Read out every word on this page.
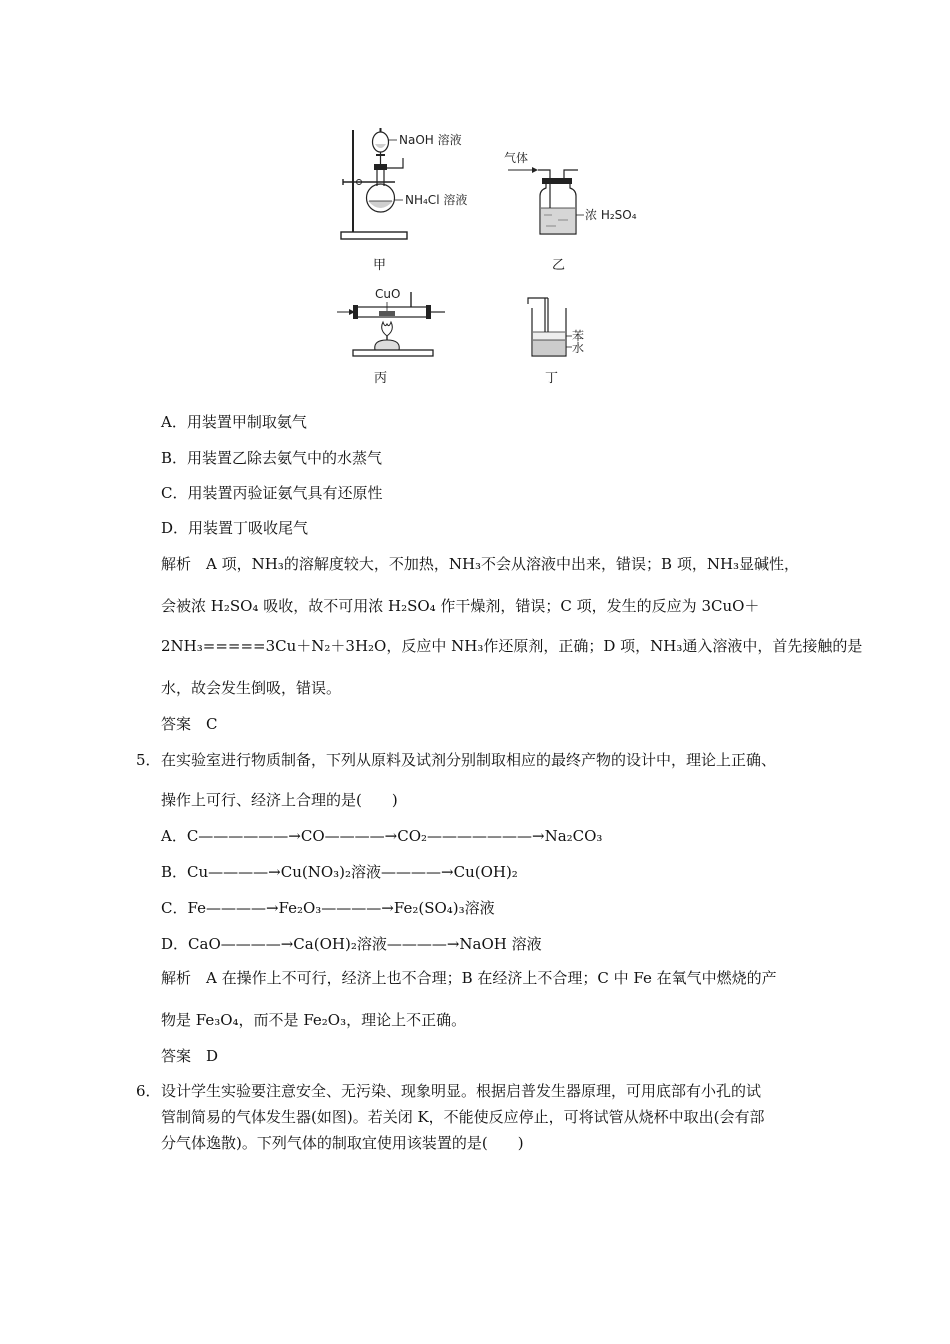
NaOH 溶液
NH₄Cl 溶液
甲
气体
浓 H₂SO₄
乙
CuO
丙
苯
水
丁
A．用装置甲制取氨气
B．用装置乙除去氨气中的水蒸气
C．用装置丙验证氨气具有还原性
D．用装置丁吸收尾气
解析　A 项，NH₃的溶解度较大，不加热，NH₃不会从溶液中出来，错误；B 项，NH₃显碱性，
会被浓 H₂SO₄ 吸收，故不可用浓 H₂SO₄ 作干燥剂，错误；C 项，发生的反应为 3CuO＋
2NH₃=====3Cu＋N₂＋3H₂O，反应中 NH₃作还原剂，正确；D 项，NH₃通入溶液中，首先接触的是
水，故会发生倒吸，错误。
答案　C
5． 在实验室进行物质制备，下列从原料及试剂分别制取相应的最终产物的设计中，理论上正确、
操作上可行、经济上合理的是(　　)
A．C——————→CO————→CO₂———————→Na₂CO₃
B．Cu————→Cu(NO₃)₂溶液————→Cu(OH)₂
C．Fe————→Fe₂O₃————→Fe₂(SO₄)₃溶液
D．CaO————→Ca(OH)₂溶液————→NaOH 溶液
解析　A 在操作上不可行，经济上也不合理；B 在经济上不合理；C 中 Fe 在氧气中燃烧的产
物是 Fe₃O₄，而不是 Fe₂O₃，理论上不正确。
答案　D
6． 设计学生实验要注意安全、无污染、现象明显。根据启普发生器原理，可用底部有小孔的试
管制简易的气体发生器(如图)。若关闭 K，不能使反应停止，可将试管从烧杯中取出(会有部
分气体逸散)。下列气体的制取宜使用该装置的是(　　)
